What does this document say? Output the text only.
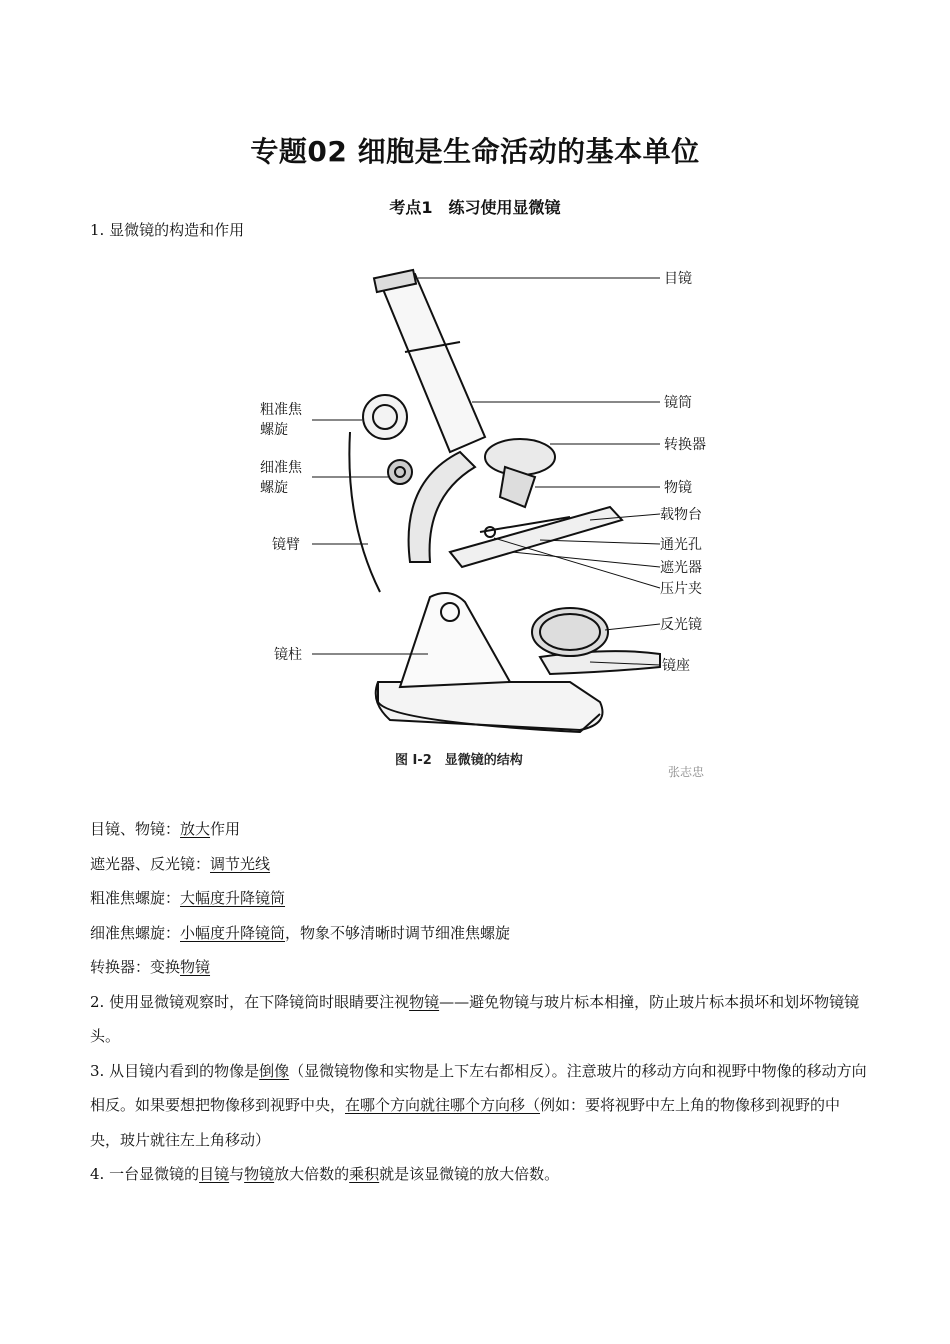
专题02 细胞是生命活动的基本单位
考点1　练习使用显微镜
1. 显微镜的构造和作用
目镜
镜筒
转换器
物镜
载物台
通光孔
遮光器
压片夹
反光镜
镜座
粗准焦
螺旋
细准焦
螺旋
镜臂
镜柱
图 I-2　显微镜的结构
张志忠

目镜、物镜：放大作用

遮光器、反光镜：调节光线

粗准焦螺旋：大幅度升降镜筒

细准焦螺旋：小幅度升降镜筒，物象不够清晰时调节细准焦螺旋

转换器：变换物镜

2. 使用显微镜观察时，在下降镜筒时眼睛要注视物镜——避免物镜与玻片标本相撞，防止玻片标本损坏和划坏物镜镜头。

3. 从目镜内看到的物像是倒像（显微镜物像和实物是上下左右都相反）。注意玻片的移动方向和视野中物像的移动方向相反。如果要想把物像移到视野中央，在哪个方向就往哪个方向移（例如：要将视野中左上角的物像移到视野的中央，玻片就往左上角移动）

4. 一台显微镜的目镜与物镜放大倍数的乘积就是该显微镜的放大倍数。
